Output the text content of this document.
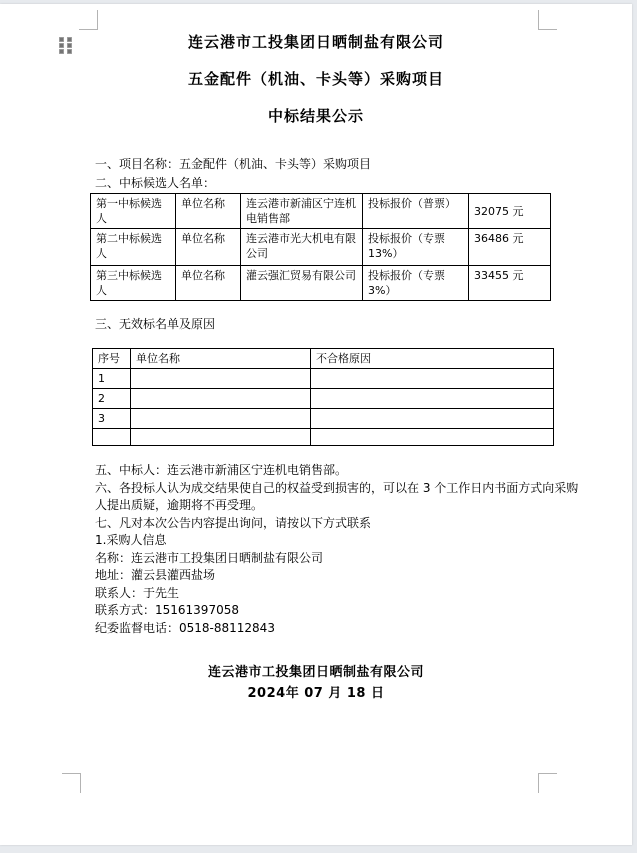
连云港市工投集团日晒制盐有限公司
五金配件（机油、卡头等）采购项目
中标结果公示
一、项目名称：五金配件（机油、卡头等）采购项目
二、中标候选人名单：
第一中标候选人	单位名称	连云港市新浦区宁连机电销售部	投标报价（普票）	32075 元
第二中标候选人	单位名称	连云港市光大机电有限公司	投标报价（专票13%）	36486 元
第三中标候选人	单位名称	灌云强汇贸易有限公司	投标报价（专票3%）	33455 元
三、无效标名单及原因
序号	单位名称	不合格原因
1		
2		
3		

五、中标人：连云港市新浦区宁连机电销售部。
六、各投标人认为成交结果使自己的权益受到损害的，可以在 3 个工作日内书面方式向采购
人提出质疑，逾期将不再受理。
七、凡对本次公告内容提出询问，请按以下方式联系
1.采购人信息
名称：连云港市工投集团日晒制盐有限公司
地址：灌云县灌西盐场
联系人：于先生
联系方式：15161397058
纪委监督电话：0518-88112843
连云港市工投集团日晒制盐有限公司
2024年 07 月 18 日
